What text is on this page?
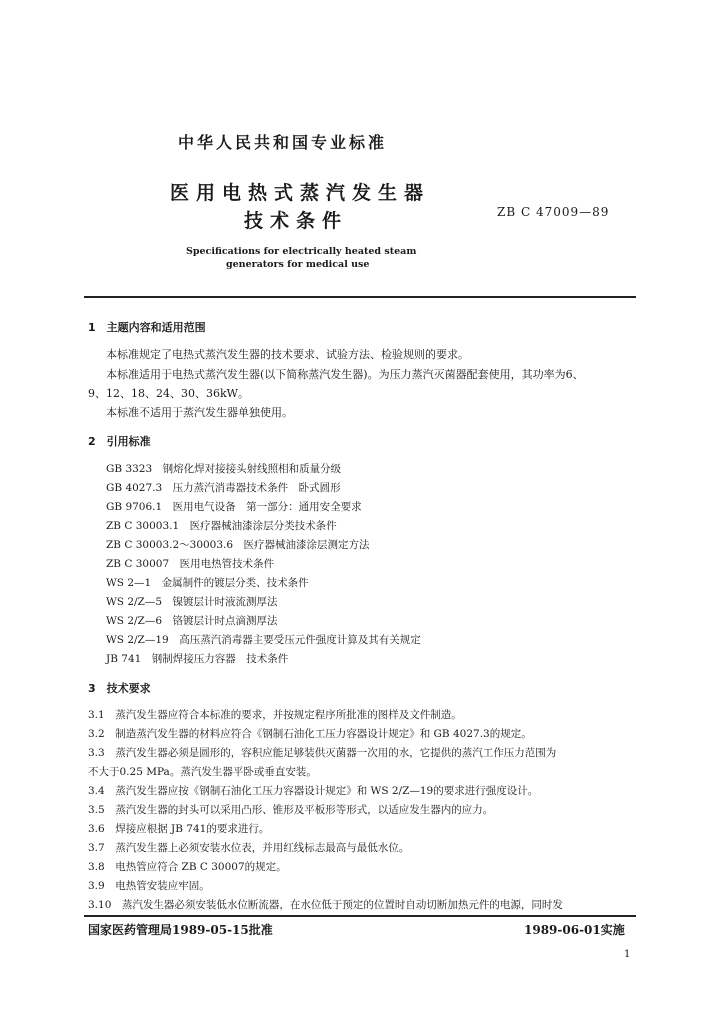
中华人民共和国专业标准
医用电热式蒸汽发生器
技术条件	ZB C 47009—89
Specifications for electrically heated steam
generators for medical use
1　主题内容和适用范围
本标准规定了电热式蒸汽发生器的技术要求、试验方法、检验规则的要求。
本标准适用于电热式蒸汽发生器(以下简称蒸汽发生器)。为压力蒸汽灭菌器配套使用，其功率为6、
9、12、18、24、30、36kW。
本标准不适用于蒸汽发生器单独使用。
2　引用标准
GB 3323　钢熔化焊对接接头射线照相和质量分级
GB 4027.3　压力蒸汽消毒器技术条件　卧式圆形
GB 9706.1　医用电气设备　第一部分：通用安全要求
ZB C 30003.1　医疗器械油漆涂层分类技术条件
ZB C 30003.2～30003.6　医疗器械油漆涂层测定方法
ZB C 30007　医用电热管技术条件
WS 2—1　金属制件的镀层分类、技术条件
WS 2/Z—5　镍镀层计时液流测厚法
WS 2/Z—6　铬镀层计时点滴测厚法
WS 2/Z—19　高压蒸汽消毒器主要受压元件强度计算及其有关规定
JB 741　钢制焊接压力容器　技术条件
3　技术要求
3.1　蒸汽发生器应符合本标准的要求，并按规定程序所批准的图样及文件制造。
3.2　制造蒸汽发生器的材料应符合《钢制石油化工压力容器设计规定》和 GB 4027.3的规定。
3.3　蒸汽发生器必须是圆形的，容积应能足够装供灭菌器一次用的水，它提供的蒸汽工作压力范围为
不大于0.25 MPa。蒸汽发生器平卧或垂直安装。
3.4　蒸汽发生器应按《钢制石油化工压力容器设计规定》和 WS 2/Z—19的要求进行强度设计。
3.5　蒸汽发生器的封头可以采用凸形、锥形及平板形等形式，以适应发生器内的应力。
3.6　焊接应根据 JB 741的要求进行。
3.7　蒸汽发生器上必须安装水位表，并用红线标志最高与最低水位。
3.8　电热管应符合 ZB C 30007的规定。
3.9　电热管安装应牢固。
3.10　蒸汽发生器必须安装低水位断流器，在水位低于预定的位置时自动切断加热元件的电源，同时发
国家医药管理局1989-05-15批准	1989-06-01实施
1
